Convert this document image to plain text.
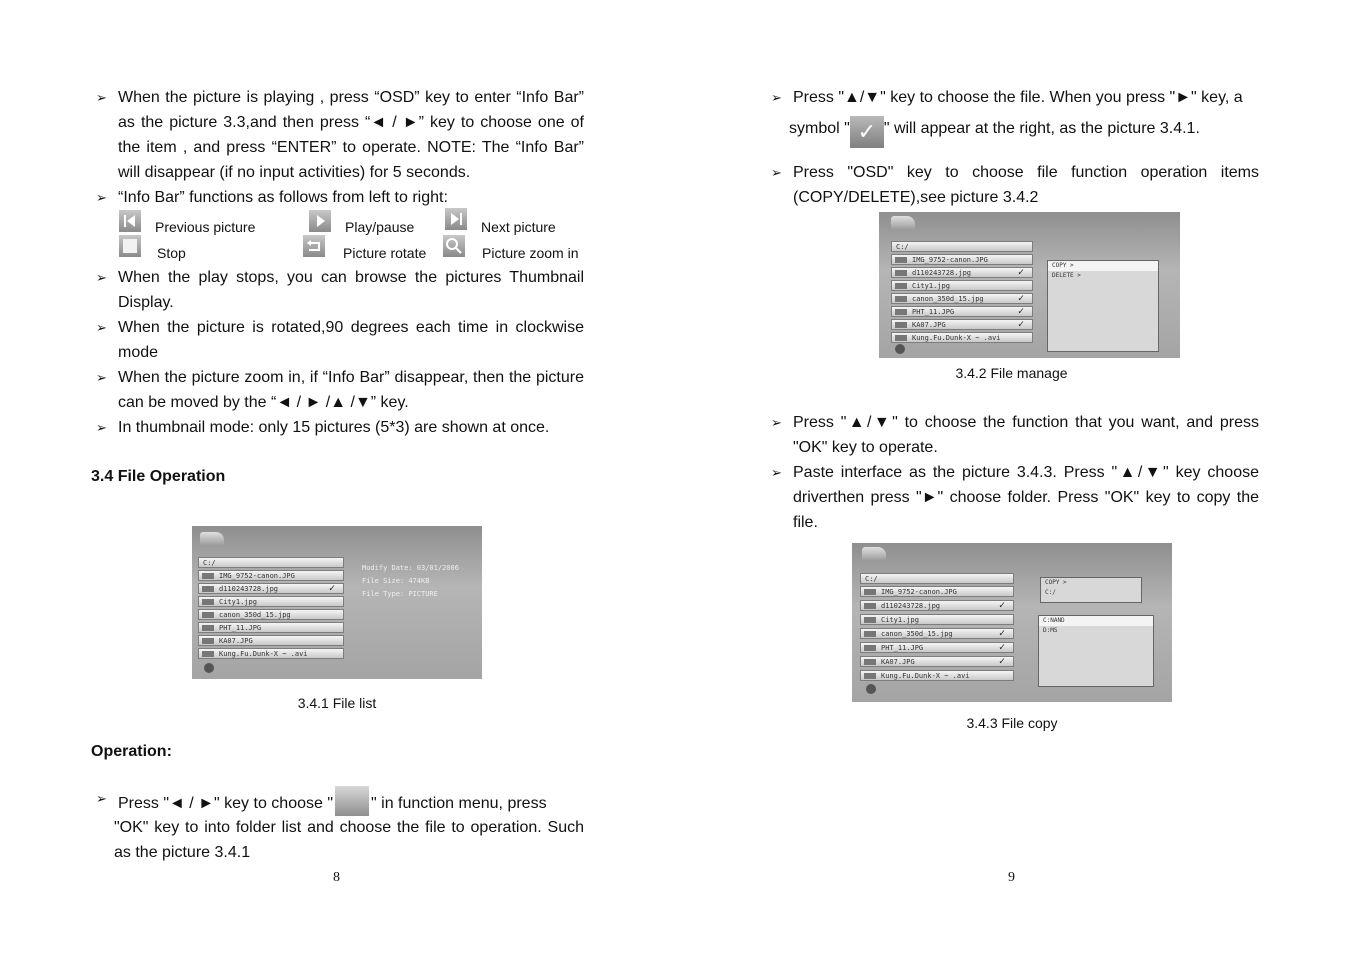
➢ When the picture is playing , press “OSD” key to enter “Info Bar” as the picture 3.3,and then press “◄ / ►” key to choose one of the item , and press “ENTER” to operate. NOTE: The “Info Bar” will disappear (if no input activities) for 5 seconds.
➢ “Info Bar” functions as follows from left to right:
Previous picture	Play/pause	Next picture
Stop	Picture rotate	Picture zoom in
➢ When the play stops, you can browse the pictures Thumbnail Display.
➢ When the picture is rotated,90 degrees each time in clockwise mode
➢ When the picture zoom in, if “Info Bar” disappear, then the picture can be moved by the “◄ / ► /▲ /▼” key.
➢ In thumbnail mode: only 15 pictures (5*3) are shown at once.
3.4 File Operation
C:/
IMG_9752-canon.JPG
d110243728.jpg	✓
City1.jpg
canon_350d_15.jpg
PHT_11.JPG
KA07.JPG
Kung.Fu.Dunk-X ~ .avi
Modify Date: 03/01/2006
File Size: 474KB
File Type: PICTURE
3.4.1 File list
Operation:
➢ Press "◄ / ►" key to choose " " in function menu, press
"OK" key to into folder list and choose the file to operation. Such as the picture 3.4.1
8
➢ Press "▲/▼" key to choose the file. When you press "►" key, a
symbol " ✓ " will appear at the right, as the picture 3.4.1.
➢ Press "OSD" key to choose file function operation items (COPY/DELETE),see picture 3.4.2
C:/
IMG_9752-canon.JPG
d110243728.jpg	✓
City1.jpg
canon_350d_15.jpg	✓
PHT_11.JPG	✓
KA07.JPG	✓
Kung.Fu.Dunk-X ~ .avi
COPY >
DELETE >
3.4.2 File manage
➢ Press "▲/▼" to choose the function that you want, and press "OK" key to operate.
➢ Paste interface as the picture 3.4.3. Press "▲/▼" key choose driverthen press "►" choose folder. Press "OK" key to copy the file.
C:/
IMG_9752-canon.JPG
d110243728.jpg	✓
City1.jpg
canon_350d_15.jpg	✓
PHT_11.JPG	✓
KA07.JPG	✓
Kung.Fu.Dunk-X ~ .avi
COPY >
C:/
C:NAND
D:MS
3.4.3 File copy
9
